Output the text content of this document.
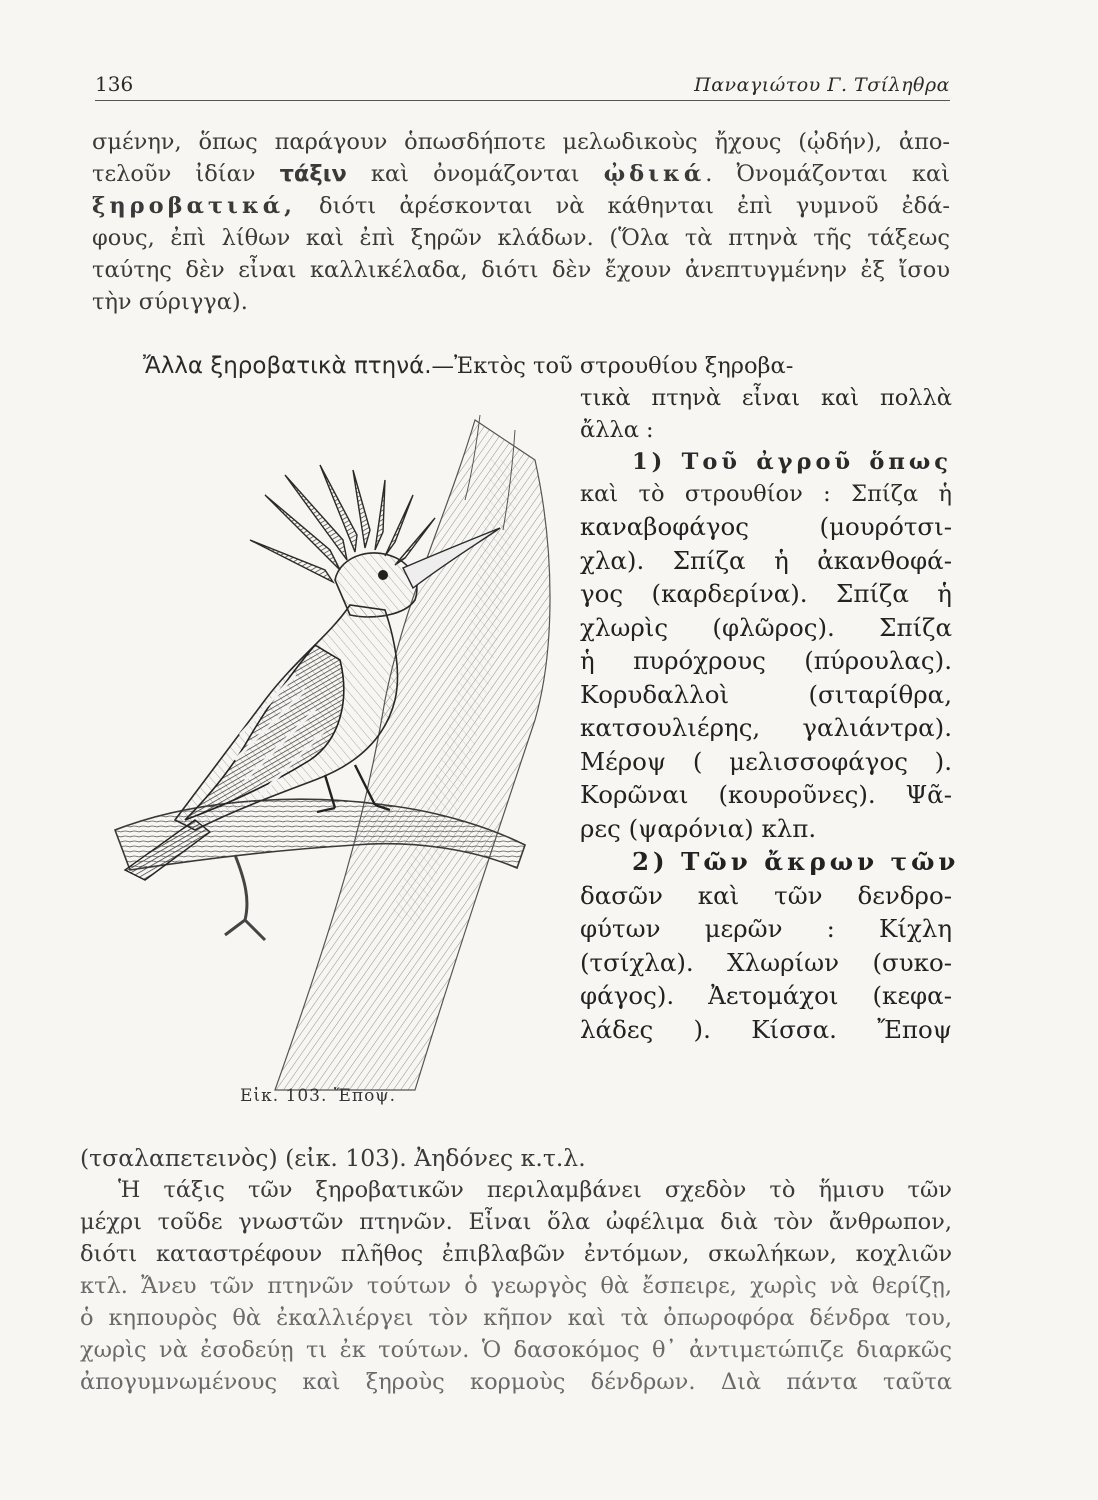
136	Παναγιώτου Γ. Τσίληθρα
σμένην, ὅπως παράγουν ὁπωσδήποτε μελωδικοὺς ἤχους (ᾠδήν), ἀπο-
τελοῦν ἰδίαν τάξιν καὶ ὀνομάζονται ᾠδικά. Ὀνομάζονται καὶ
ξηροβατικά, διότι ἀρέσκονται νὰ κάθηνται ἐπὶ γυμνοῦ ἐδά-
φους, ἐπὶ λίθων καὶ ἐπὶ ξηρῶν κλάδων. (Ὅλα τὰ πτηνὰ τῆς τάξεως
ταύτης δὲν εἶναι καλλικέλαδα, διότι δὲν ἔχουν ἀνεπτυγμένην ἐξ ἴσου
τὴν σύριγγα).
Ἄλλα ξηροβατικὰ πτηνά.—Ἐκτὸς τοῦ στρουθίου ξηροβα-
Εἰκ. 103. Ἔποψ.
τικὰ πτηνὰ εἶναι καὶ πολλὰ
ἄλλα :
1) Τοῦ ἀγροῦ ὅπως
καὶ τὸ στρουθίον : Σπίζα ἡ
καναβοφάγος (μουρότσι-
χλα). Σπίζα ἡ ἀκανθοφά-
γος (καρδερίνα). Σπίζα ἡ
χλωρὶς (φλῶρος). Σπίζα
ἡ πυρόχρους (πύρουλας).
Κορυδαλλοὶ (σιταρίθρα,
κατσουλιέρης, γαλιάντρα).
Μέροψ ( μελισσοφάγος ).
Κορῶναι (κουροῦνες). Ψᾶ-
ρες (ψαρόνια) κλπ.
2) Τῶν ἄκρων τῶν
δασῶν καὶ τῶν δενδρο-
φύτων μερῶν : Κίχλη
(τσίχλα). Χλωρίων (συκο-
φάγος). Ἀετομάχοι (κεφα-
λάδες ). Κίσσα. Ἔποψ
(τσαλαπετεινὸς) (εἰκ. 103). Ἀηδόνες κ.τ.λ.
Ἡ τάξις τῶν ξηροβατικῶν περιλαμβάνει σχεδὸν τὸ ἥμισυ τῶν
μέχρι τοῦδε γνωστῶν πτηνῶν. Εἶναι ὅλα ὠφέλιμα διὰ τὸν ἄνθρωπον,
διότι καταστρέφουν πλῆθος ἐπιβλαβῶν ἐντόμων, σκωλήκων, κοχλιῶν
κτλ. Ἄνευ τῶν πτηνῶν τούτων ὁ γεωργὸς θὰ ἔσπειρε, χωρὶς νὰ θερίζῃ,
ὁ κηπουρὸς θὰ ἐκαλλιέργει τὸν κῆπον καὶ τὰ ὀπωροφόρα δένδρα του,
χωρὶς νὰ ἐσοδεύῃ τι ἐκ τούτων. Ὁ δασοκόμος θ᾽ ἀντιμετώπιζε διαρκῶς
ἀπογυμνωμένους καὶ ξηροὺς κορμοὺς δένδρων. Διὰ πάντα ταῦτα
